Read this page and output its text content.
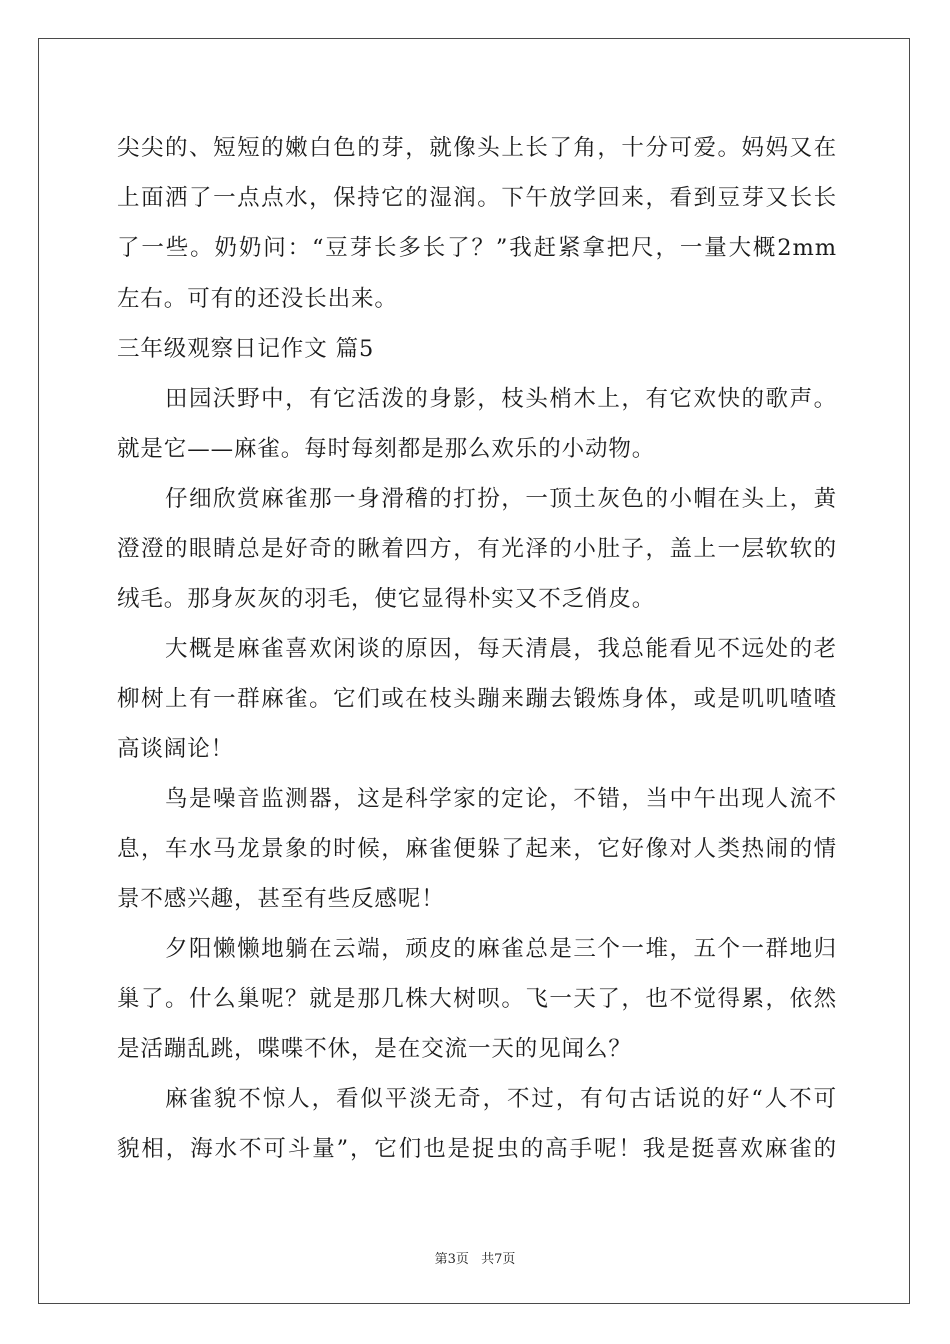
尖尖的、短短的嫩白色的芽，就像头上长了角，十分可爱。妈妈又在
上面洒了一点点水，保持它的湿润。下午放学回来，看到豆芽又长长
了一些。奶奶问：“豆芽长多长了？”我赶紧拿把尺，一量大概2mm
左右。可有的还没长出来。
三年级观察日记作文 篇5
田园沃野中，有它活泼的身影，枝头梢木上，有它欢快的歌声。
就是它——麻雀。每时每刻都是那么欢乐的小动物。
仔细欣赏麻雀那一身滑稽的打扮，一顶土灰色的小帽在头上，黄
澄澄的眼睛总是好奇的瞅着四方，有光泽的小肚子，盖上一层软软的
绒毛。那身灰灰的羽毛，使它显得朴实又不乏俏皮。
大概是麻雀喜欢闲谈的原因，每天清晨，我总能看见不远处的老
柳树上有一群麻雀。它们或在枝头蹦来蹦去锻炼身体，或是叽叽喳喳
高谈阔论！
鸟是噪音监测器，这是科学家的定论，不错，当中午出现人流不
息，车水马龙景象的时候，麻雀便躲了起来，它好像对人类热闹的情
景不感兴趣，甚至有些反感呢！
夕阳懒懒地躺在云端，顽皮的麻雀总是三个一堆，五个一群地归
巢了。什么巢呢？就是那几株大树呗。飞一天了，也不觉得累，依然
是活蹦乱跳，喋喋不休，是在交流一天的见闻么？
麻雀貌不惊人，看似平淡无奇，不过，有句古话说的好“人不可
貌相，海水不可斗量”，它们也是捉虫的高手呢！我是挺喜欢麻雀的
第3页 共7页
